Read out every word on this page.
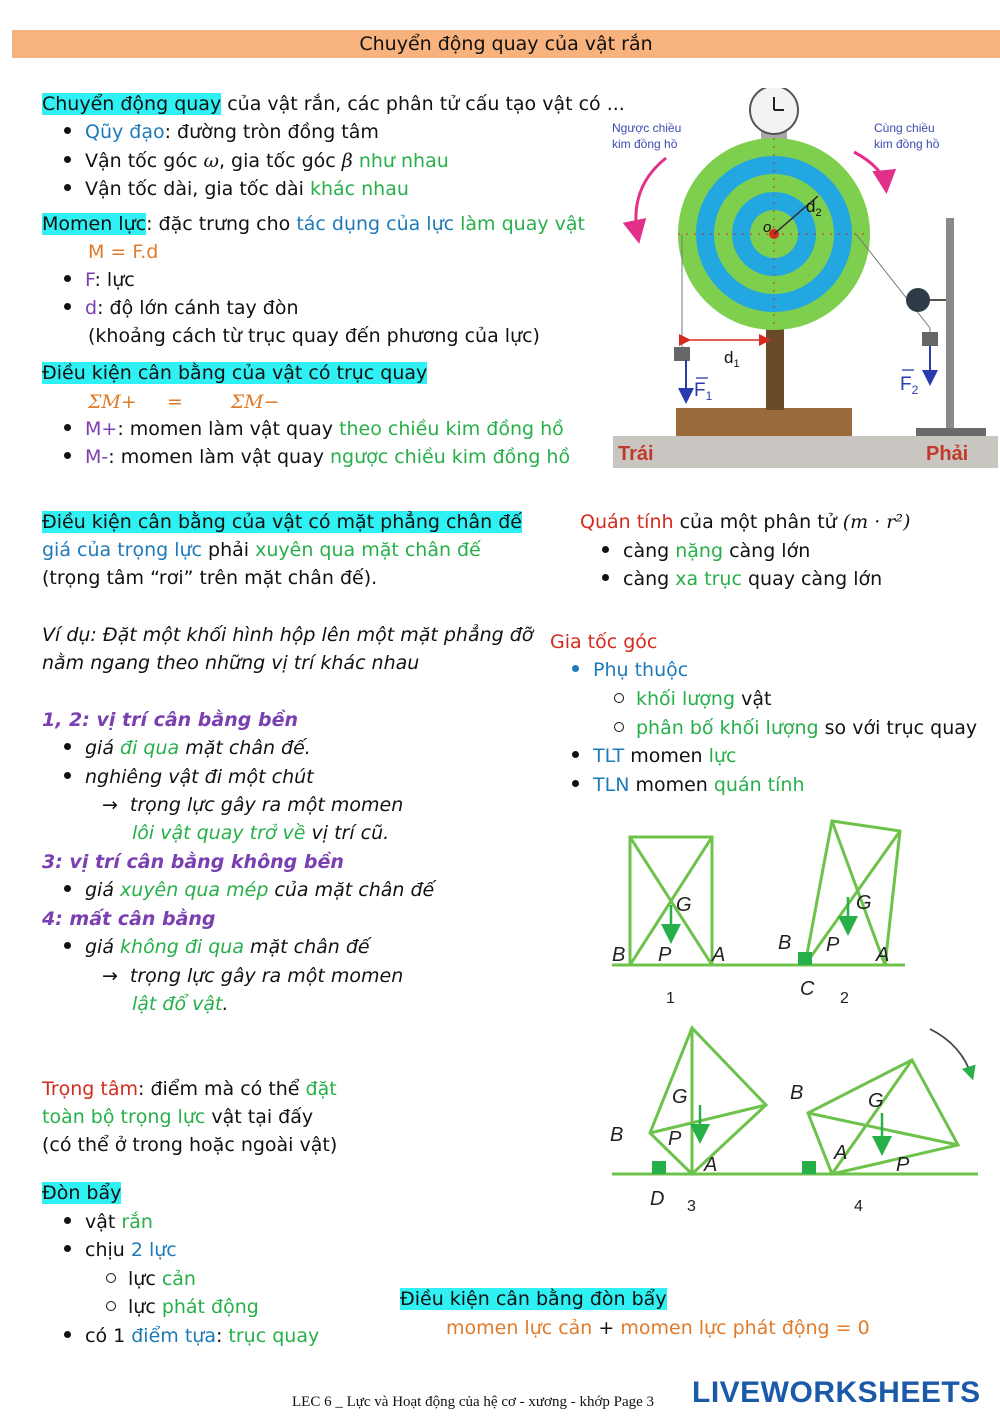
Chuyển động quay của vật rắn
Chuyển động quay của vật rắn, các phân tử cấu tạo vật có ...
Qũy đạo: đường tròn đồng tâm
Vận tốc góc ω, gia tốc góc β như nhau
Vận tốc dài, gia tốc dài khác nhau
Momen lực: đặc trưng cho tác dụng của lực làm quay vật
M = F.d
F: lực
d: độ lớn cánh tay đòn
(khoảng cách từ trục quay đến phương của lực)
Điều kiện cân bằng của vật có trục quay
ΣM+ =	ΣM−
M+: momen làm vật quay theo chiều kim đồng hồ
M-: momen làm vật quay ngược chiều kim đồng hồ Trái	Phải
o
$d_2$
$F_1$
$d_1$
$F_2$
Ngược chiều
kim đồng hồ
Cùng chiều
kim đồng hồ
Điều kiện cân bằng của vật có mặt phẳng chân đế
giá của trọng lực phải xuyên qua mặt chân đế
(trọng tâm “rơi” trên mặt chân đế).
Ví dụ: Đặt một khối hình hộp lên một mặt phẳng đỡ
nằm ngang theo những vị trí khác nhau
1, 2: vị trí cân bằng bền
giá đi qua mặt chân đế.
nghiêng vật đi một chút
→ trọng lực gây ra một momen
lôi vật quay trở về vị trí cũ.
3: vị trí cân bằng không bền
giá xuyên qua mép của mặt chân đế
4: mất cân bằng
giá không đi qua mặt chân đế
→ trọng lực gây ra một momen
lật đổ vật.
Quán tính của một phân tử (m · r²)
càng nặng càng lớn
càng xa trục quay càng lớn
Gia tốc góc
Phụ thuộc
khối lượng vật
phân bố khối lượng so với trục quay
TLT momen lực
TLN momen quán tính
G
P
B	A
G
P
B
A
C
G
P
B
A
D
G
P
B
A
1	2
3	4
Trọng tâm: điểm mà có thể đặt
toàn bộ trọng lực vật tại đấy
(có thể ở trong hoặc ngoài vật)
Đòn bẩy
vật rắn
chịu 2 lực
lực cản
lực phát động
có 1 điểm tựa: trục quay
Điều kiện cân bằng đòn bẩy
momen lực cản + momen lực phát động = 0
LEC 6 _ Lực và Hoạt động của hệ cơ - xương - khớp Page 3 LIVEWORKSHEETS
